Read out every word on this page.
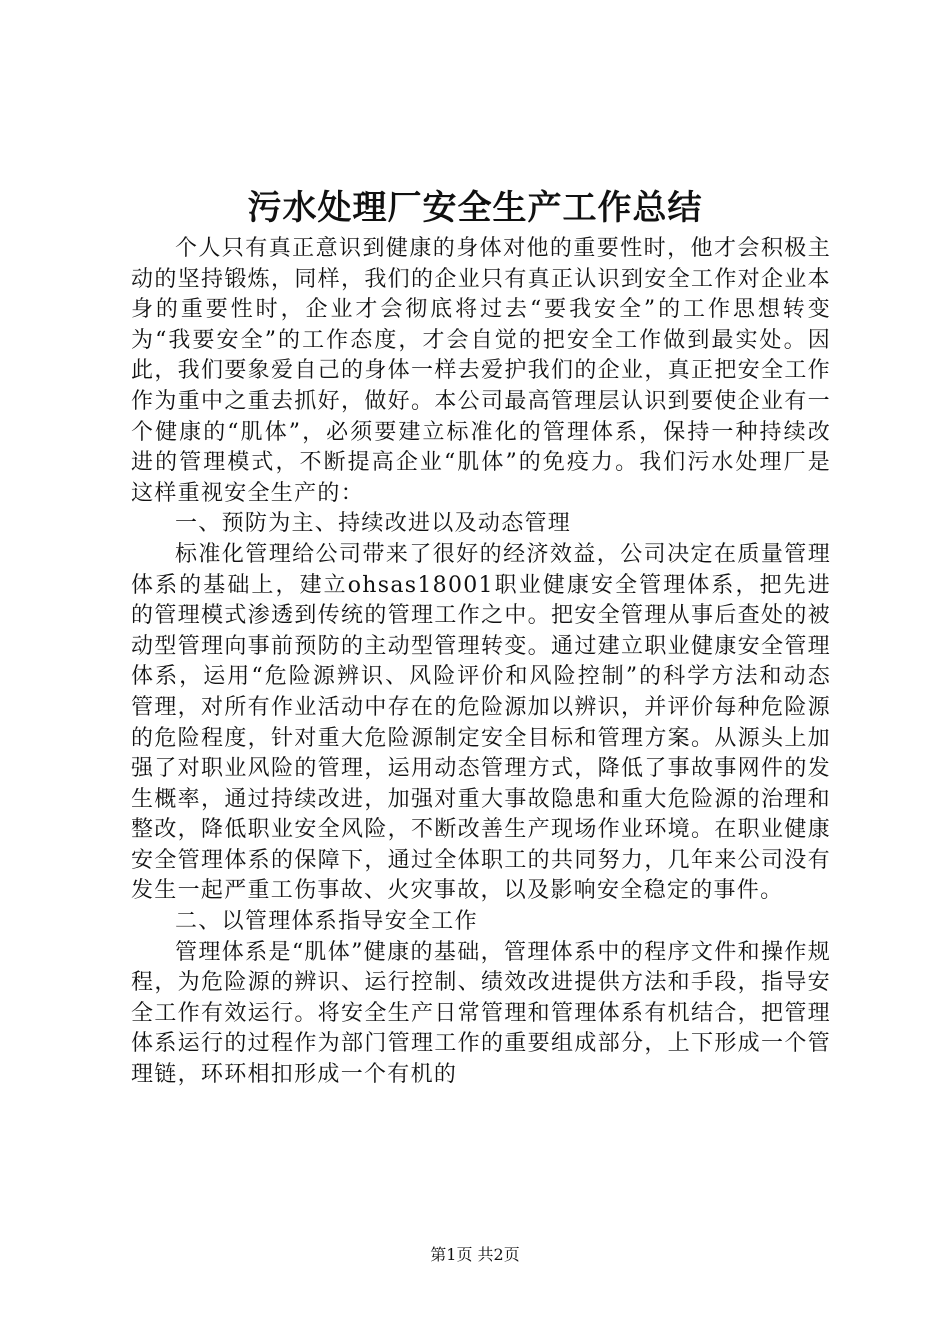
污水处理厂安全生产工作总结

个人只有真正意识到健康的身体对他的重要性时，他才会积极主动的坚持锻炼，同样，我们的企业只有真正认识到安全工作对企业本身的重要性时，企业才会彻底将过去“要我安全”的工作思想转变为“我要安全”的工作态度，才会自觉的把安全工作做到最实处。因此，我们要象爱自己的身体一样去爱护我们的企业，真正把安全工作作为重中之重去抓好，做好。本公司最高管理层认识到要使企业有一个健康的“肌体”，必须要建立标准化的管理体系，保持一种持续改进的管理模式，不断提高企业“肌体”的免疫力。我们污水处理厂是这样重视安全生产的：

一、预防为主、持续改进以及动态管理

标准化管理给公司带来了很好的经济效益，公司决定在质量管理体系的基础上，建立ohsas18001职业健康安全管理体系，把先进的管理模式渗透到传统的管理工作之中。把安全管理从事后查处的被动型管理向事前预防的主动型管理转变。通过建立职业健康安全管理体系，运用“危险源辨识、风险评价和风险控制”的科学方法和动态管理，对所有作业活动中存在的危险源加以辨识，并评价每种危险源的危险程度，针对重大危险源制定安全目标和管理方案。从源头上加强了对职业风险的管理，运用动态管理方式，降低了事故事网件的发生概率，通过持续改进，加强对重大事故隐患和重大危险源的治理和整改，降低职业安全风险，不断改善生产现场作业环境。在职业健康安全管理体系的保障下，通过全体职工的共同努力，几年来公司没有发生一起严重工伤事故、火灾事故，以及影响安全稳定的事件。

二、以管理体系指导安全工作

管理体系是“肌体”健康的基础，管理体系中的程序文件和操作规程，为危险源的辨识、运行控制、绩效改进提供方法和手段，指导安全工作有效运行。将安全生产日常管理和管理体系有机结合，把管理体系运行的过程作为部门管理工作的重要组成部分，上下形成一个管理链，环环相扣形成一个有机的

第1页 共2页
